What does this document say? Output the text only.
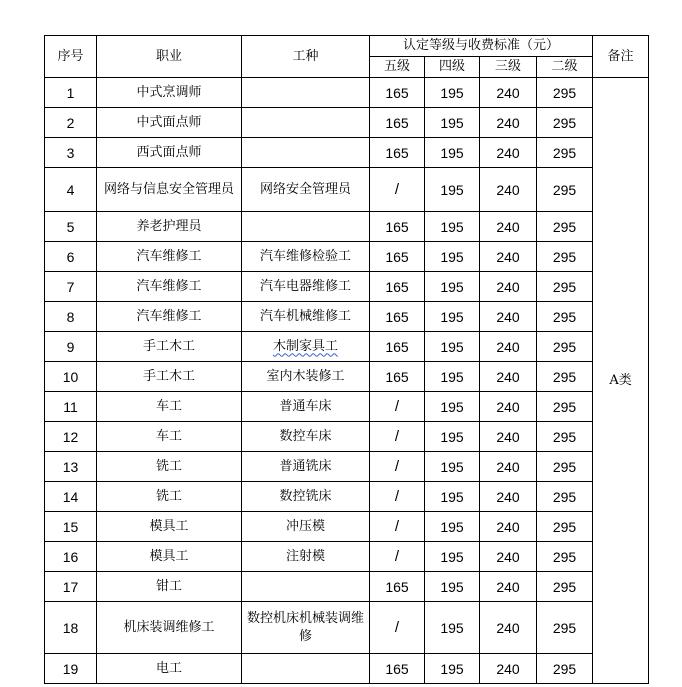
序号	职业	工种	认定等级与收费标准（元）				备注
			五级	四级	三级	二级	
1	中式烹调师		165	195	240	295	A类
2	中式面点师		165	195	240	295	
3	西式面点师		165	195	240	295	
4	网络与信息安全管理员	网络安全管理员	/	195	240	295	
5	养老护理员		165	195	240	295	
6	汽车维修工	汽车维修检验工	165	195	240	295	
7	汽车维修工	汽车电器维修工	165	195	240	295	
8	汽车维修工	汽车机械维修工	165	195	240	295	
9	手工木工	木制家具工	165	195	240	295	
10	手工木工	室内木装修工	165	195	240	295	
11	车工	普通车床	/	195	240	295	
12	车工	数控车床	/	195	240	295	
13	铣工	普通铣床	/	195	240	295	
14	铣工	数控铣床	/	195	240	295	
15	模具工	冲压模	/	195	240	295	
16	模具工	注射模	/	195	240	295	
17	钳工		165	195	240	295	
18	机床装调维修工	数控机床机械装调维修	/	195	240	295	
19	电工		165	195	240	295	
